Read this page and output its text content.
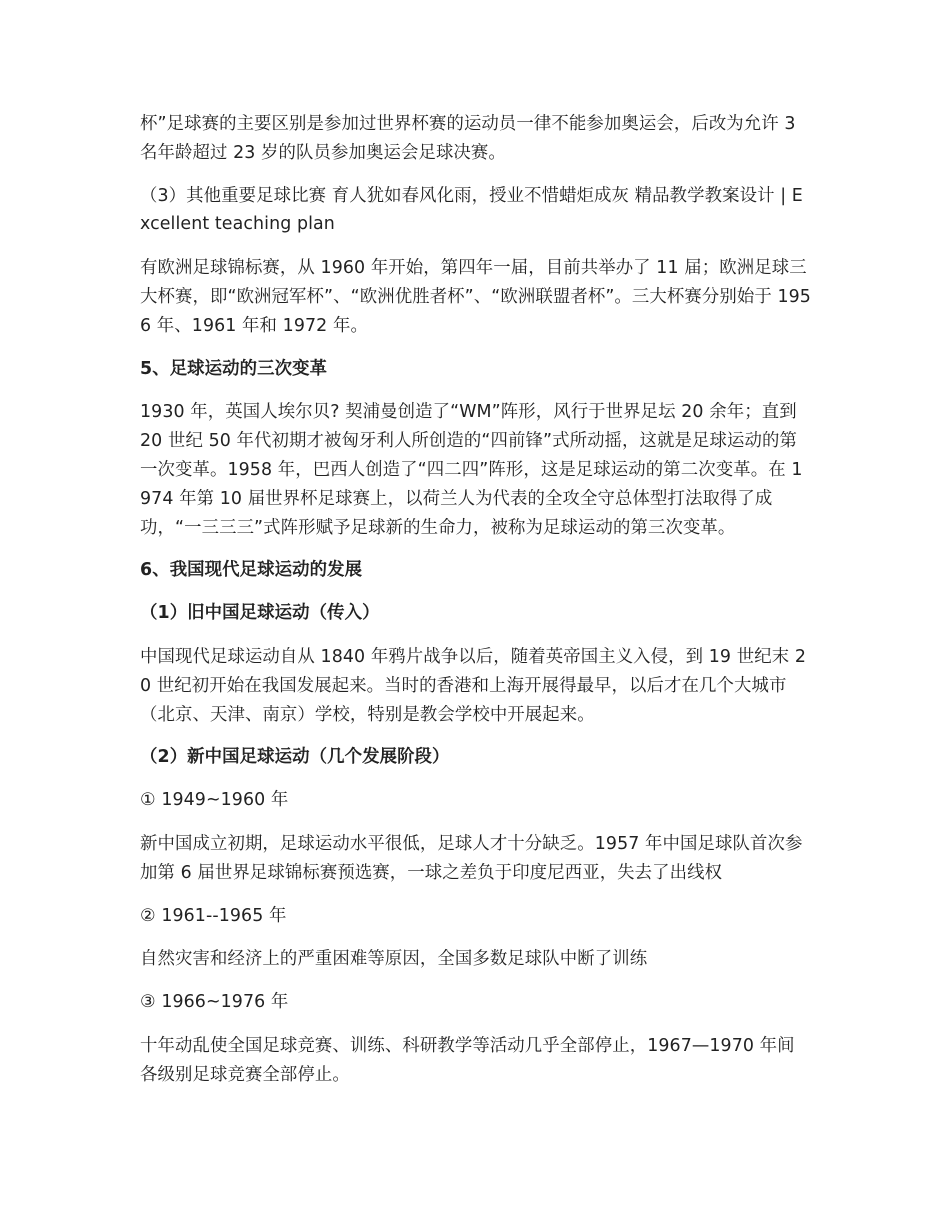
杯”足球赛的主要区别是参加过世界杯赛的运动员一律不能参加奥运会，后改为允许 3 名年龄超过 23 岁的队员参加奥运会足球决赛。

（3）其他重要足球比赛 育人犹如春风化雨，授业不惜蜡炬成灰 精品教学教案设计 | Excellent teaching plan

有欧洲足球锦标赛，从 1960 年开始，第四年一届，目前共举办了 11 届；欧洲足球三大杯赛，即“欧洲冠军杯”、“欧洲优胜者杯”、“欧洲联盟者杯”。三大杯赛分别始于 1956 年、1961 年和 1972 年。

5、足球运动的三次变革

1930 年，英国人埃尔贝? 契浦曼创造了“WM”阵形，风行于世界足坛 20 余年；直到 20 世纪 50 年代初期才被匈牙利人所创造的“四前锋”式所动摇，这就是足球运动的第一次变革。1958 年，巴西人创造了“四二四”阵形，这是足球运动的第二次变革。在 1974 年第 10 届世界杯足球赛上，以荷兰人为代表的全攻全守总体型打法取得了成功，“一三三三”式阵形赋予足球新的生命力，被称为足球运动的第三次变革。

6、我国现代足球运动的发展

（1）旧中国足球运动（传入）

中国现代足球运动自从 1840 年鸦片战争以后，随着英帝国主义入侵，到 19 世纪末 20 世纪初开始在我国发展起来。当时的香港和上海开展得最早，以后才在几个大城市（北京、天津、南京）学校，特别是教会学校中开展起来。

（2）新中国足球运动（几个发展阶段）

① 1949~1960 年

新中国成立初期，足球运动水平很低，足球人才十分缺乏。1957 年中国足球队首次参加第 6 届世界足球锦标赛预选赛，一球之差负于印度尼西亚，失去了出线权

② 1961--1965 年

自然灾害和经济上的严重困难等原因，全国多数足球队中断了训练

③ 1966~1976 年

十年动乱使全国足球竞赛、训练、科研教学等活动几乎全部停止，1967—1970 年间各级别足球竞赛全部停止。
